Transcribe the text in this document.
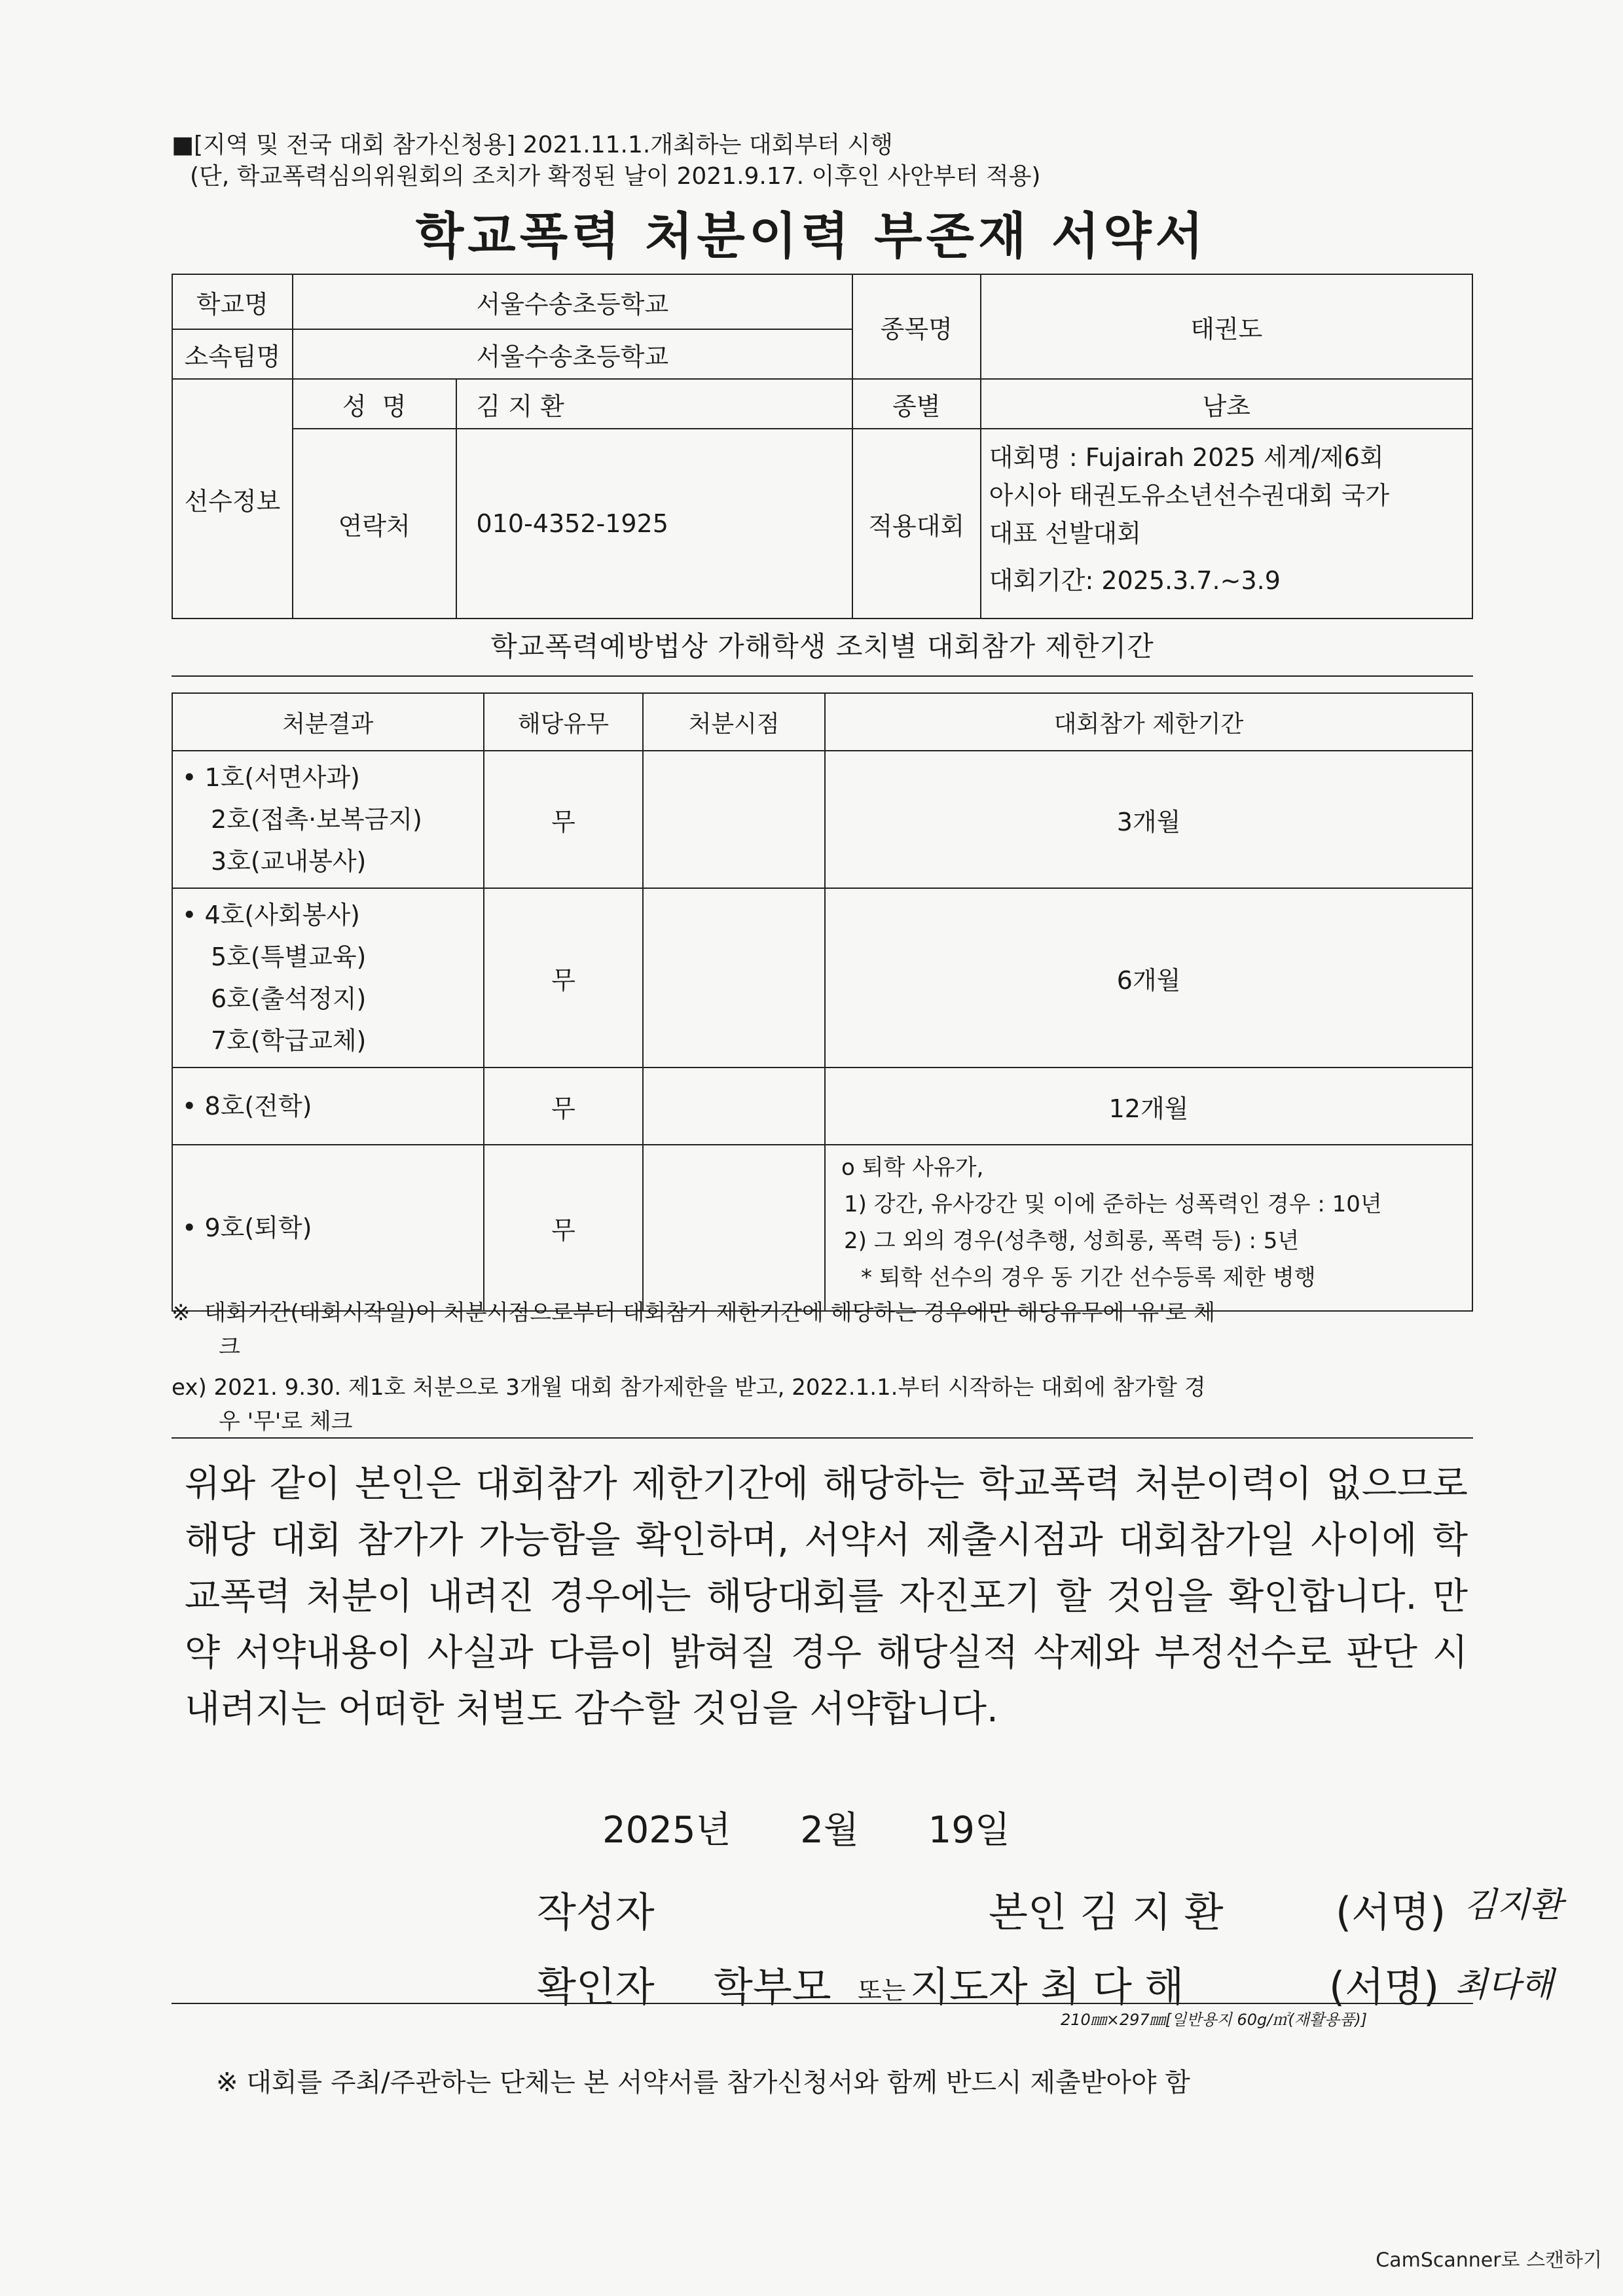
■[지역 및 전국 대회 참가신청용] 2021.11.1.개최하는 대회부터 시행
(단, 학교폭력심의위원회의 조치가 확정된 날이 2021.9.17. 이후인 사안부터 적용)
학교폭력 처분이력 부존재 서약서
학교명	서울수송초등학교		종목명	태권도
소속팀명	서울수송초등학교			
선수정보	성  명	김 지 환	종별	남초
	연락처	010-4352-1925	적용대회	대회명 : Fujairah 2025 세계/제6회
아시아 태권도유소년선수권대회 국가
대표 선발대회
대회기간: 2025.3.7.~3.9
학교폭력예방법상 가해학생 조치별 대회참가 제한기간
처분결과	해당유무	처분시점	대회참가 제한기간

• 1호(서면사과)
2호(접촉·보복금지)
3호(교내봉사)	무		3개월

• 4호(사회봉사)
5호(특별교육)
6호(출석정지)
7호(학급교체)	무		6개월

• 8호(전학)	무		12개월

• 9호(퇴학)	무		o 퇴학 사유가,
1) 강간, 유사강간 및 이에 준하는 성폭력인 경우 : 10년
2) 그 외의 경우(성추행, 성희롱, 폭력 등) : 5년
* 퇴학 선수의 경우 동 기간 선수등록 제한 병행
※ 대회기간(대회시작일)이 처분시점으로부터 대회참가 제한기간에 해당하는 경우에만 해당유무에 '유'로 체
크
ex) 2021. 9.30. 제1호 처분으로 3개월 대회 참가제한을 받고, 2022.1.1.부터 시작하는 대회에 참가할 경
우 '무'로 체크
위와 같이 본인은 대회참가 제한기간에 해당하는 학교폭력 처분이력이 없으므로 해당 대회 참가가 가능함을 확인하며, 서약서 제출시점과 대회참가일 사이에 학교폭력 처분이 내려진 경우에는 해당대회를 자진포기 할 것임을 확인합니다. 만약 서약내용이 사실과 다름이 밝혀질 경우 해당실적 삭제와 부정선수로 판단 시 내려지는 어떠한 처벌도 감수할 것임을 서약합니다.
2025년 2월 19일
작성자	본인 김 지 환	(서명) 김지환
확인자 학부모 또는 지도자 최 다 해	(서명) 최다해
210㎜×297㎜[일반용지 60g/㎡(재활용품)]
※ 대회를 주최/주관하는 단체는 본 서약서를 참가신청서와 함께 반드시 제출받아야 함
CamScanner로 스캔하기
